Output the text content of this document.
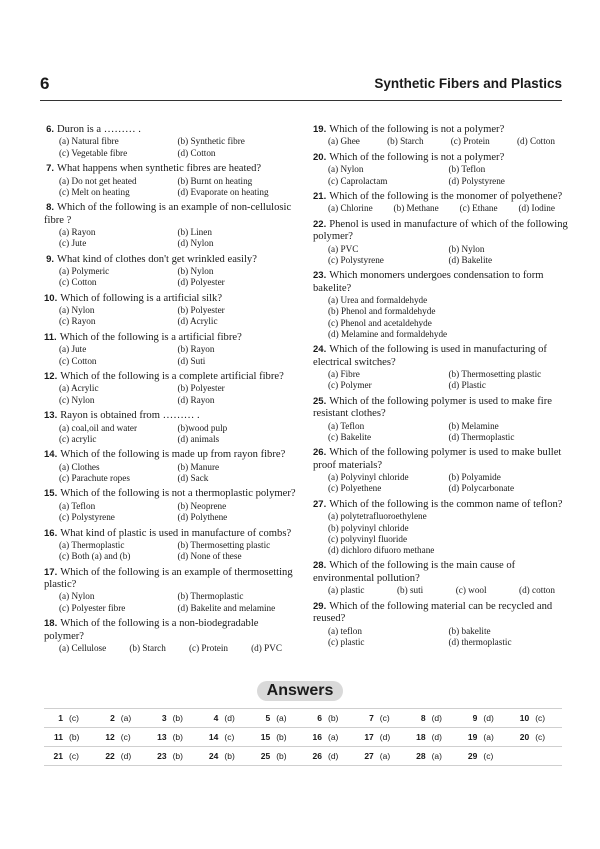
6	Synthetic Fibers and Plastics
6. Duron is a ……… .
(a) Natural fibre	(b) Synthetic fibre
(c) Vegetable fibre	(d) Cotton
7. What happens when synthetic fibres are heated?
(a) Do not get heated	(b) Burnt on heating
(c) Melt on heating	(d) Evaporate on heating
8. Which of the following is an example of non-cellulosic fibre ?
(a) Rayon	(b) Linen
(c) Jute	(d) Nylon
9. What kind of clothes don't get wrinkled easily?
(a) Polymeric	(b) Nylon
(c) Cotton	(d) Polyester
10. Which of following is a artificial silk?
(a) Nylon	(b) Polyester
(c) Rayon	(d) Acrylic
11. Which of the following is a artificial fibre?
(a) Jute	(b) Rayon
(c) Cotton	(d) Suti
12. Which of the following is a complete artificial fibre?
(a) Acrylic	(b) Polyester
(c) Nylon	(d) Rayon
13. Rayon is obtained from ……… .
(a) coal,oil and water	(b)wood pulp
(c) acrylic	(d) animals
14. Which of the following is made up from rayon fibre?
(a) Clothes	(b) Manure
(c) Parachute ropes	(d) Sack
15. Which of the following is not a thermoplastic polymer?
(a) Teflon	(b) Neoprene
(c) Polystyrene	(d) Polythene
16. What kind of plastic is used in manufacture of combs?
(a) Thermoplastic	(b) Thermosetting plastic
(c) Both (a) and (b)	(d) None of these
17. Which of the following is an example of thermosetting plastic?
(a) Nylon	(b) Thermoplastic
(c) Polyester fibre	(d) Bakelite and melamine
18. Which of the following is a non-biodegradable polymer?
(a) Cellulose	(b) Starch	(c) Protein	(d) PVC
19. Which of the following is not a polymer?
(a) Ghee	(b) Starch	(c) Protein	(d) Cotton
20. Which of the following is not a polymer?
(a) Nylon	(b) Teflon
(c) Caprolactam	(d) Polystyrene
21. Which of the following is the monomer of polyethene?
(a) Chlorine (b) Methane (c) Ethane (d) Iodine
22. Phenol is used in manufacture of which of the following polymer?
(a) PVC	(b) Nylon
(c) Polystyrene	(d) Bakelite
23. Which monomers undergoes condensation to form bakelite?
(a) Urea and formaldehyde
(b) Phenol and formaldehyde
(c) Phenol and acetaldehyde
(d) Melamine and formaldehyde
24. Which of the following is used in manufacturing of electrical switches?
(a) Fibre	(b) Thermosetting plastic
(c) Polymer	(d) Plastic
25. Which of the following polymer is used to make fire resistant clothes?
(a) Teflon	(b) Melamine
(c) Bakelite	(d) Thermoplastic
26. Which of the following polymer is used to make bullet proof materials?
(a) Polyvinyl chloride	(b) Polyamide
(c) Polyethene	(d) Polycarbonate
27. Which of the following is the common name of teflon?
(a) polytetrafluoroethylene
(b) polyvinyl chloride
(c) polyvinyl fluoride
(d) dichloro difuoro methane
28. Which of the following is the main cause of environmental pollution?
(a) plastic	(b) suti	(c) wool	(d) cotton
29. Which of the following material can be recycled and reused?
(a) teflon	(b) bakelite
(c) plastic	(d) thermoplastic
Answers
1 (c)	2 (a)	3 (b)	4 (d)	5 (a)	6 (b)	7 (c)	8 (d)	9 (d)	10 (c)
11 (b)	12 (c)	13 (b)	14 (c)	15 (b)	16 (a)	17 (d)	18 (d)	19 (a)	20 (c)
21 (c)	22 (d)	23 (b)	24 (b)	25 (b)	26 (d)	27 (a)	28 (a)	29 (c)
